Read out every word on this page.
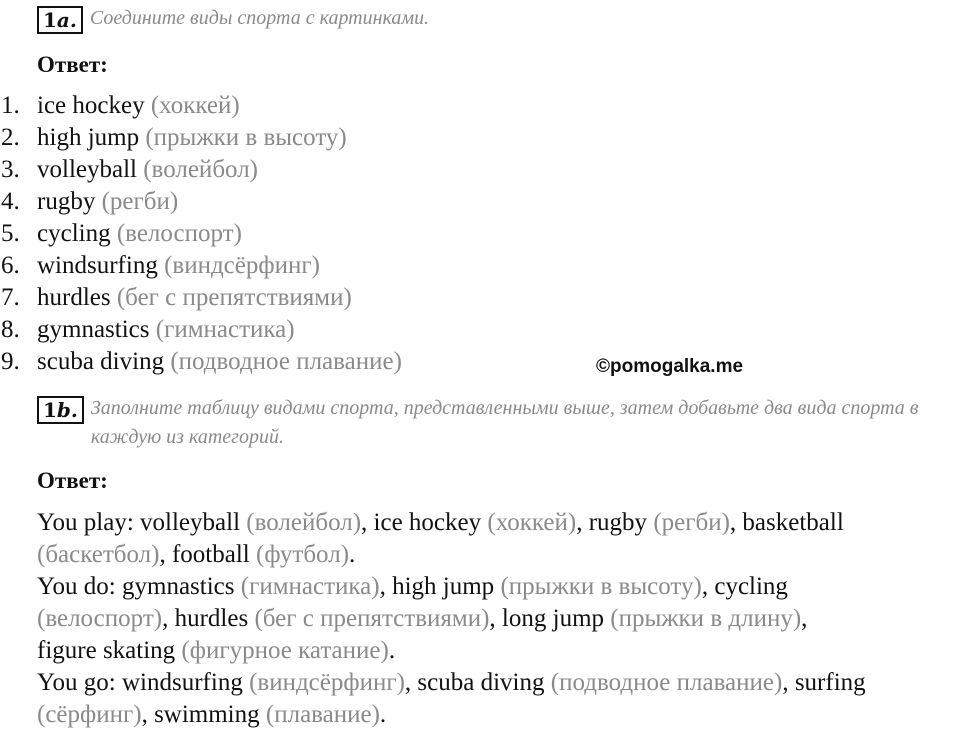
1a. Соедините виды спорта с картинками.
Ответ:
1. ice hockey (хоккей)
2. high jump (прыжки в высоту)
3. volleyball (волейбол)
4. rugby (регби)
5. cycling (велоспорт)
6. windsurfing (виндсёрфинг)
7. hurdles (бег с препятствиями)
8. gymnastics (гимнастика)
9. scuba diving (подводное плавание)	©pomogalka.me
1b. Заполните таблицу видами спорта, представленными выше, затем добавьте два вида спорта в каждую из категорий.
Ответ:
You play: volleyball (волейбол), ice hockey (хоккей), rugby (регби), basketball
(баскетбол), football (футбол).
You do: gymnastics (гимнастика), high jump (прыжки в высоту), cycling
(велоспорт), hurdles (бег с препятствиями), long jump (прыжки в длину),
figure skating (фигурное катание).
You go: windsurfing (виндсёрфинг), scuba diving (подводное плавание), surfing
(сёрфинг), swimming (плавание).
